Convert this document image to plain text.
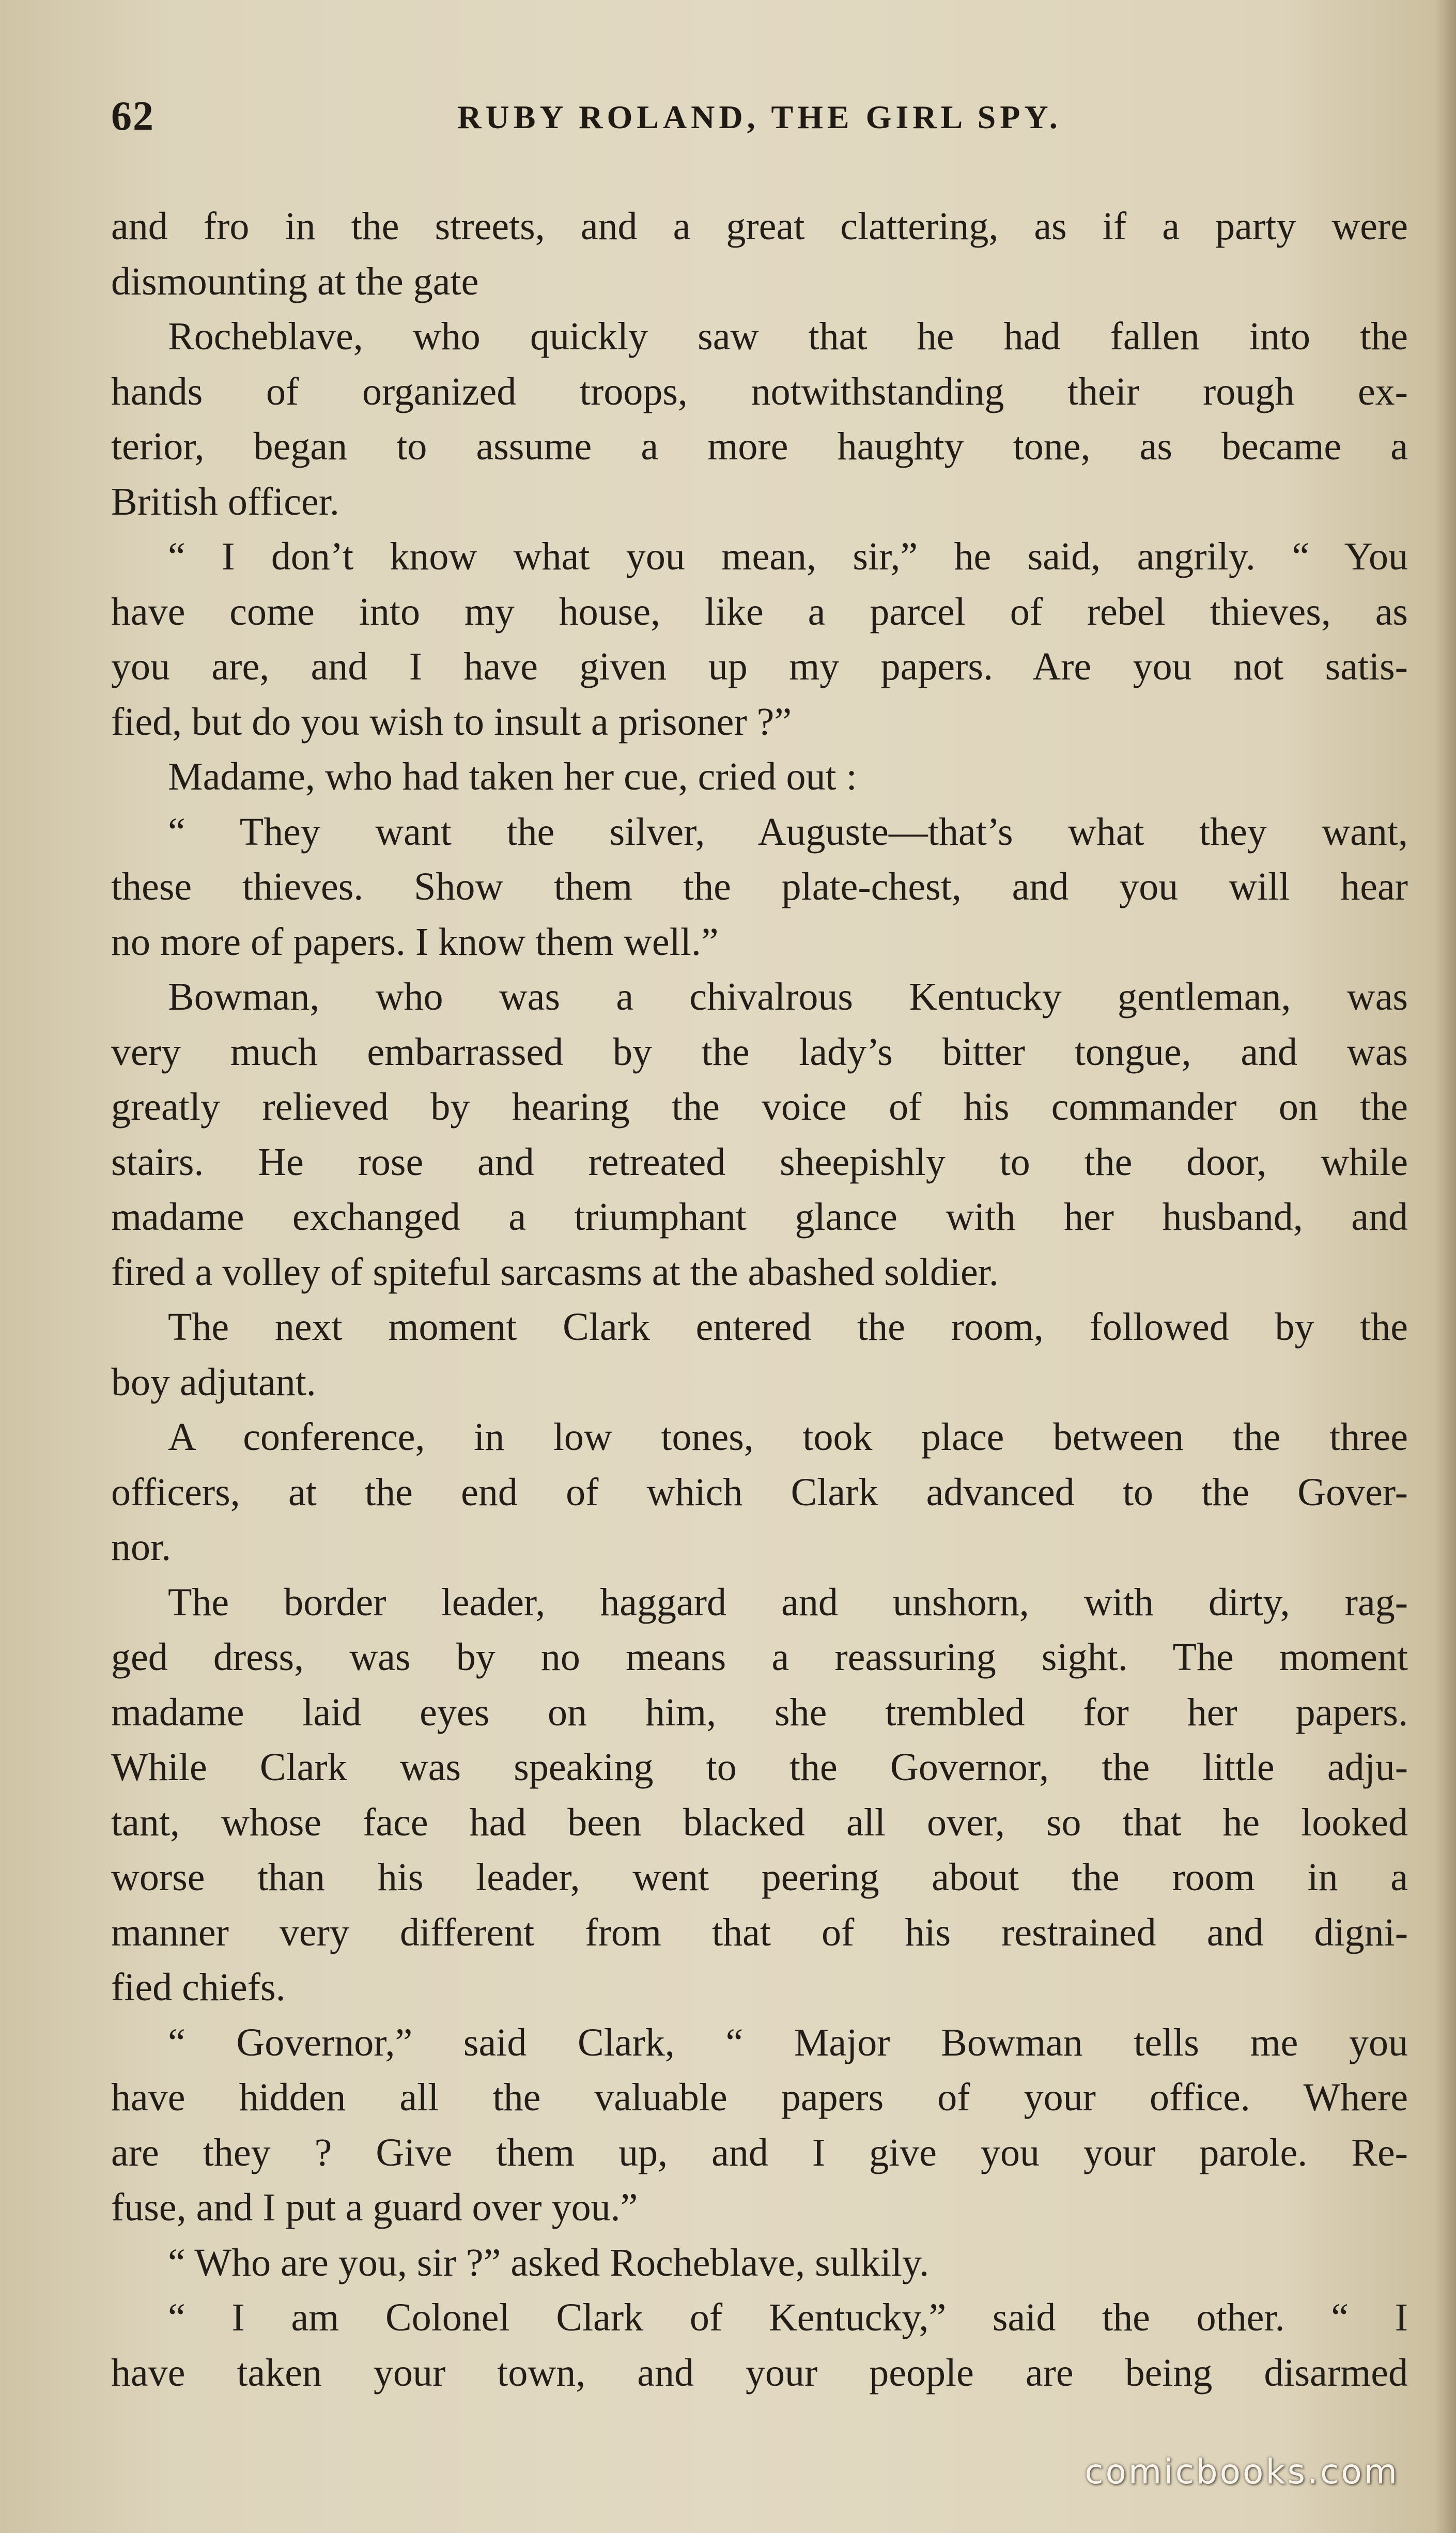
62	RUBY ROLAND, THE GIRL SPY.
and fro in the streets, and a great clattering, as if a party were
dismounting at the gate
Rocheblave, who quickly saw that he had fallen into the
hands of organized troops, notwithstanding their rough ex-
terior, began to assume a more haughty tone, as became a
British officer.
“ I don’t know what you mean, sir,” he said, angrily. “ You
have come into my house, like a parcel of rebel thieves, as
you are, and I have given up my papers. Are you not satis-
fied, but do you wish to insult a prisoner ?”
Madame, who had taken her cue, cried out :
“ They want the silver, Auguste—that’s what they want,
these thieves. Show them the plate-chest, and you will hear
no more of papers. I know them well.”
Bowman, who was a chivalrous Kentucky gentleman, was
very much embarrassed by the lady’s bitter tongue, and was
greatly relieved by hearing the voice of his commander on the
stairs. He rose and retreated sheepishly to the door, while
madame exchanged a triumphant glance with her husband, and
fired a volley of spiteful sarcasms at the abashed soldier.
The next moment Clark entered the room, followed by the
boy adjutant.
A conference, in low tones, took place between the three
officers, at the end of which Clark advanced to the Gover-
nor.
The border leader, haggard and unshorn, with dirty, rag-
ged dress, was by no means a reassuring sight. The moment
madame laid eyes on him, she trembled for her papers.
While Clark was speaking to the Governor, the little adju-
tant, whose face had been blacked all over, so that he looked
worse than his leader, went peering about the room in a
manner very different from that of his restrained and digni-
fied chiefs.
“ Governor,” said Clark, “ Major Bowman tells me you
have hidden all the valuable papers of your office. Where
are they ? Give them up, and I give you your parole. Re-
fuse, and I put a guard over you.”
“ Who are you, sir ?” asked Rocheblave, sulkily.
“ I am Colonel Clark of Kentucky,” said the other. “ I
have taken your town, and your people are being disarmed
comicbooks.com
